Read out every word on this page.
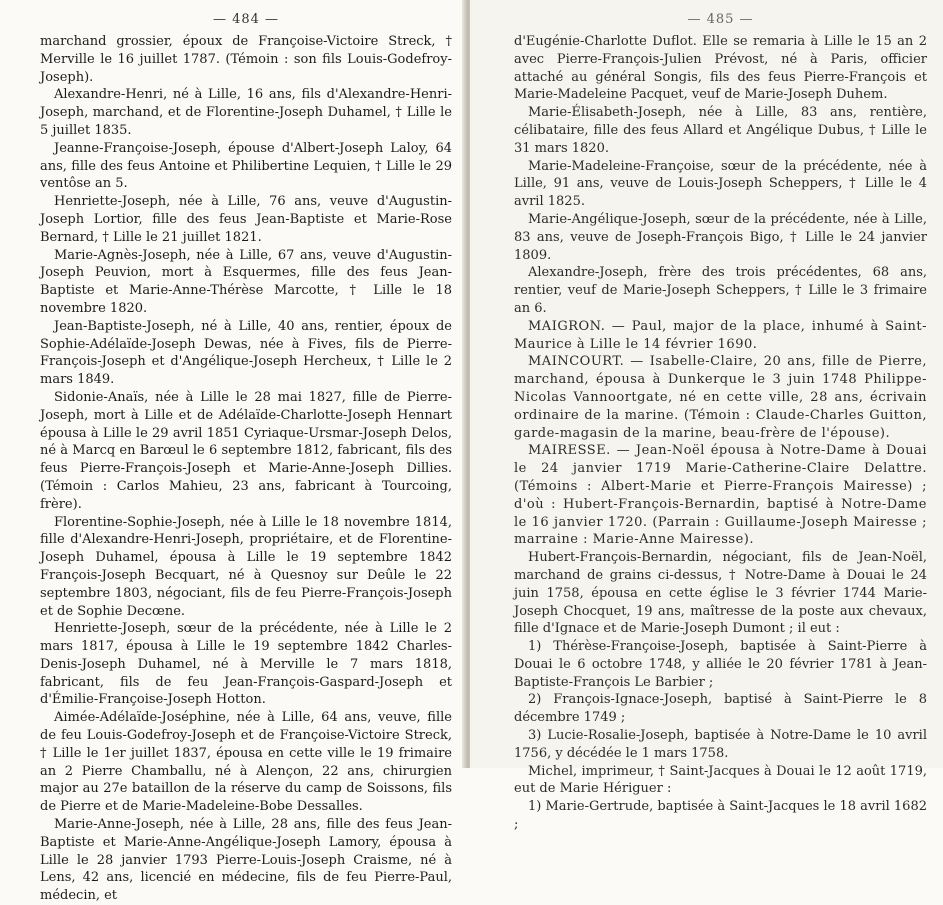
— 484 —

marchand grossier, époux de Françoise-Victoire Streck, † Merville le 16 juillet 1787. (Témoin : son fils Louis-Godefroy-Joseph).

Alexandre-Henri, né à Lille, 16 ans, fils d'Alexandre-Henri-Joseph, marchand, et de Florentine-Joseph Duhamel, † Lille le 5 juillet 1835.

Jeanne-Françoise-Joseph, épouse d'Albert-Joseph Laloy, 64 ans, fille des feus Antoine et Philibertine Lequien, † Lille le 29 ventôse an 5.

Henriette-Joseph, née à Lille, 76 ans, veuve d'Augustin-Joseph Lortior, fille des feus Jean-Baptiste et Marie-Rose Bernard, † Lille le 21 juillet 1821.

Marie-Agnès-Joseph, née à Lille, 67 ans, veuve d'Augustin-Joseph Peuvion, mort à Esquermes, fille des feus Jean-Baptiste et Marie-Anne-Thérèse Marcotte, † Lille le 18 novembre 1820.

Jean-Baptiste-Joseph, né à Lille, 40 ans, rentier, époux de Sophie-Adélaïde-Joseph Dewas, née à Fives, fils de Pierre-François-Joseph et d'Angélique-Joseph Hercheux, † Lille le 2 mars 1849.

Sidonie-Anaïs, née à Lille le 28 mai 1827, fille de Pierre-Joseph, mort à Lille et de Adélaïde-Charlotte-Joseph Hennart épousa à Lille le 29 avril 1851 Cyriaque-Ursmar-Joseph Delos, né à Marcq en Barœul le 6 septembre 1812, fabricant, fils des feus Pierre-François-Joseph et Marie-Anne-Joseph Dillies. (Témoin : Carlos Mahieu, 23 ans, fabricant à Tourcoing, frère).

Florentine-Sophie-Joseph, née à Lille le 18 novembre 1814, fille d'Alexandre-Henri-Joseph, propriétaire, et de Florentine-Joseph Duhamel, épousa à Lille le 19 septembre 1842 François-Joseph Becquart, né à Quesnoy sur Deûle le 22 septembre 1803, négociant, fils de feu Pierre-François-Joseph et de Sophie Decœne.

Henriette-Joseph, sœur de la précédente, née à Lille le 2 mars 1817, épousa à Lille le 19 septembre 1842 Charles-Denis-Joseph Duhamel, né à Merville le 7 mars 1818, fabricant, fils de feu Jean-François-Gaspard-Joseph et d'Émilie-Françoise-Joseph Hotton.

Aimée-Adélaïde-Joséphine, née à Lille, 64 ans, veuve, fille de feu Louis-Godefroy-Joseph et de Françoise-Victoire Streck, † Lille le 1er juillet 1837, épousa en cette ville le 19 frimaire an 2 Pierre Chamballu, né à Alençon, 22 ans, chirurgien major au 27e bataillon de la réserve du camp de Soissons, fils de Pierre et de Marie-Madeleine-Bobe Dessalles.

Marie-Anne-Joseph, née à Lille, 28 ans, fille des feus Jean-Baptiste et Marie-Anne-Angélique-Joseph Lamory, épousa à Lille le 28 janvier 1793 Pierre-Louis-Joseph Craisme, né à Lens, 42 ans, licencié en médecine, fils de feu Pierre-Paul, médecin, et

— 485 —

d'Eugénie-Charlotte Duflot. Elle se remaria à Lille le 15 an 2 avec Pierre-François-Julien Prévost, né à Paris, officier attaché au général Songis, fils des feus Pierre-François et Marie-Madeleine Pacquet, veuf de Marie-Joseph Duhem.

Marie-Élisabeth-Joseph, née à Lille, 83 ans, rentière, célibataire, fille des feus Allard et Angélique Dubus, † Lille le 31 mars 1820.

Marie-Madeleine-Françoise, sœur de la précédente, née à Lille, 91 ans, veuve de Louis-Joseph Scheppers, † Lille le 4 avril 1825.

Marie-Angélique-Joseph, sœur de la précédente, née à Lille, 83 ans, veuve de Joseph-François Bigo, † Lille le 24 janvier 1809.

Alexandre-Joseph, frère des trois précédentes, 68 ans, rentier, veuf de Marie-Joseph Scheppers, † Lille le 3 frimaire an 6.

MAIGRON. — Paul, major de la place, inhumé à Saint-Maurice à Lille le 14 février 1690.

MAINCOURT. — Isabelle-Claire, 20 ans, fille de Pierre, marchand, épousa à Dunkerque le 3 juin 1748 Philippe-Nicolas Vannoortgate, né en cette ville, 28 ans, écrivain ordinaire de la marine. (Témoin : Claude-Charles Guitton, garde-magasin de la marine, beau-frère de l'épouse).

MAIRESSE. — Jean-Noël épousa à Notre-Dame à Douai le 24 janvier 1719 Marie-Catherine-Claire Delattre. (Témoins : Albert-Marie et Pierre-François Mairesse) ; d'où : Hubert-François-Bernardin, baptisé à Notre-Dame le 16 janvier 1720. (Parrain : Guillaume-Joseph Mairesse ; marraine : Marie-Anne Mairesse).

Hubert-François-Bernardin, négociant, fils de Jean-Noël, marchand de grains ci-dessus, † Notre-Dame à Douai le 24 juin 1758, épousa en cette église le 3 février 1744 Marie-Joseph Chocquet, 19 ans, maîtresse de la poste aux chevaux, fille d'Ignace et de Marie-Joseph Dumont ; il eut :

1) Thérèse-Françoise-Joseph, baptisée à Saint-Pierre à Douai le 6 octobre 1748, y alliée le 20 février 1781 à Jean-Baptiste-François Le Barbier ;

2) François-Ignace-Joseph, baptisé à Saint-Pierre le 8 décembre 1749 ;

3) Lucie-Rosalie-Joseph, baptisée à Notre-Dame le 10 avril 1756, y décédée le 1 mars 1758.

Michel, imprimeur, † Saint-Jacques à Douai le 12 août 1719, eut de Marie Hériguer :

1) Marie-Gertrude, baptisée à Saint-Jacques le 18 avril 1682 ;
